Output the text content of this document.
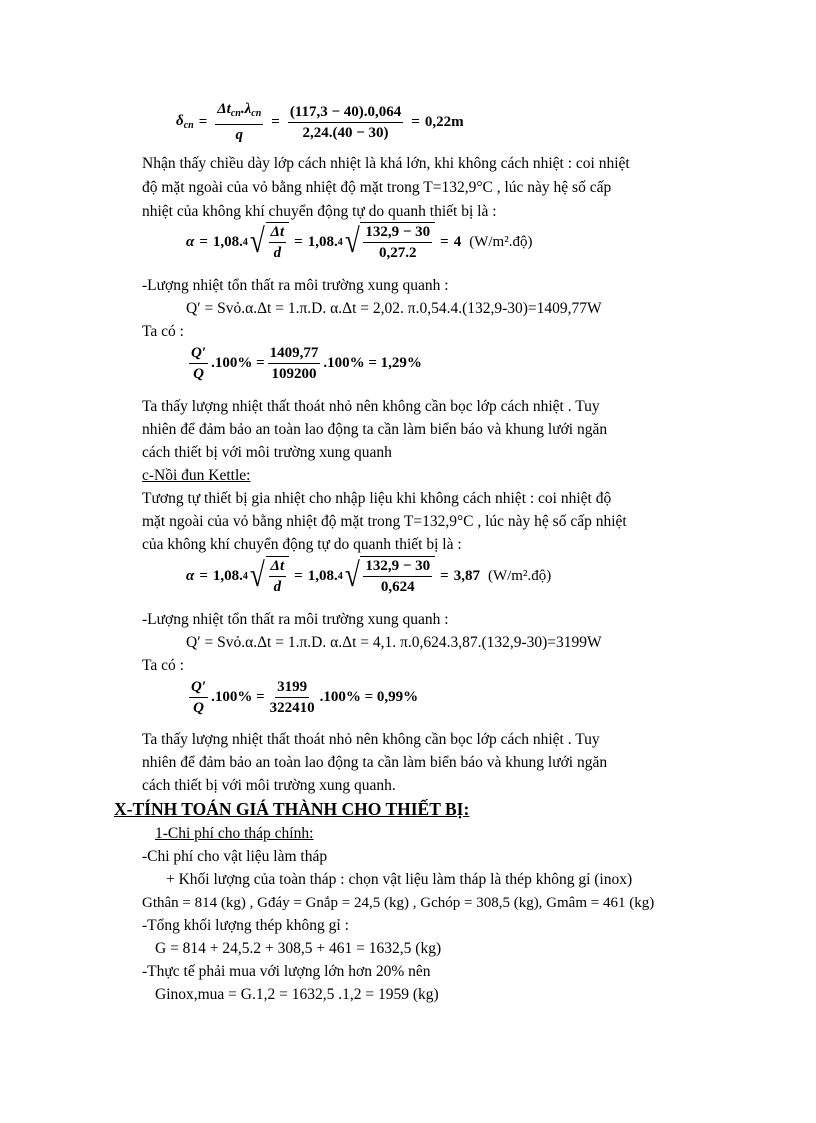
$\delta_{cn} = \frac{\Delta t_{cn}.\lambda_{cn}}{q} = \frac{(117,3 - 40).0,064}{2,24.(40 - 30)} = 0,22m$
Nhận thấy chiều dày lớp cách nhiệt là khá lớn, khi không cách nhiệt : coi nhiệt
độ mặt ngoài của vỏ bằng nhiệt độ mặt trong T=132,9°C , lúc này hệ số cấp
nhiệt của không khí chuyển động tự do quanh thiết bị là :
α = 1,08. 4 √ $\frac{\Delta t}{d} = 1,08$. 4 √ $\frac{132,9 - 30}{0,27.2} = 4$ (W/m².độ)
-Lượng nhiệt tổn thất ra môi trường xung quanh :
Q′ = Svỏ.α.Δt = 1.π.D. α.Δt = 2,02. π.0,54.4.(132,9-30)=1409,77W
Ta có :
$\frac{Q'}{Q} .100\% = \frac{1409,77}{109200} .100\% = 1,29\%$
Ta thấy lượng nhiệt thất thoát nhỏ nên không cần bọc lớp cách nhiệt . Tuy
nhiên để đảm bảo an toàn lao động ta cần làm biển báo và khung lưới ngăn
cách thiết bị với môi trường xung quanh
c-Nồi đun Kettle:
Tương tự thiết bị gia nhiệt cho nhập liệu khi không cách nhiệt : coi nhiệt độ
mặt ngoài của vỏ bằng nhiệt độ mặt trong T=132,9°C , lúc này hệ số cấp nhiệt
của không khí chuyển động tự do quanh thiết bị là :
α = 1,08. 4 √ $\frac{\Delta t}{d} = 1,08$. 4 √ $\frac{132,9 - 30}{0,624} = 3,87$ (W/m².độ)
-Lượng nhiệt tổn thất ra môi trường xung quanh :
Q′ = Svỏ.α.Δt = 1.π.D. α.Δt = 4,1. π.0,624.3,87.(132,9-30)=3199W
Ta có :
$\frac{Q'}{Q} .100\% = \frac{3199}{322410} .100\% = 0,99\%$
Ta thấy lượng nhiệt thất thoát nhỏ nên không cần bọc lớp cách nhiệt . Tuy
nhiên để đảm bảo an toàn lao động ta cần làm biển báo và khung lưới ngăn
cách thiết bị với môi trường xung quanh.
X-TÍNH TOÁN GIÁ THÀNH CHO THIẾT BỊ:
1-Chi phí cho tháp chính:
-Chi phí cho vật liệu làm tháp
+ Khối lượng của toàn tháp : chọn vật liệu làm tháp là thép không gỉ (inox)
Gthân = 814 (kg) , Gđáy = Gnắp = 24,5 (kg) , Gchóp = 308,5 (kg), Gmâm = 461 (kg)
-Tổng khối lượng thép không gỉ :
G = 814 + 24,5.2 + 308,5 + 461 = 1632,5 (kg)
-Thực tế phải mua với lượng lớn hơn 20% nên
Ginox,mua = G.1,2 = 1632,5 .1,2 = 1959 (kg)
